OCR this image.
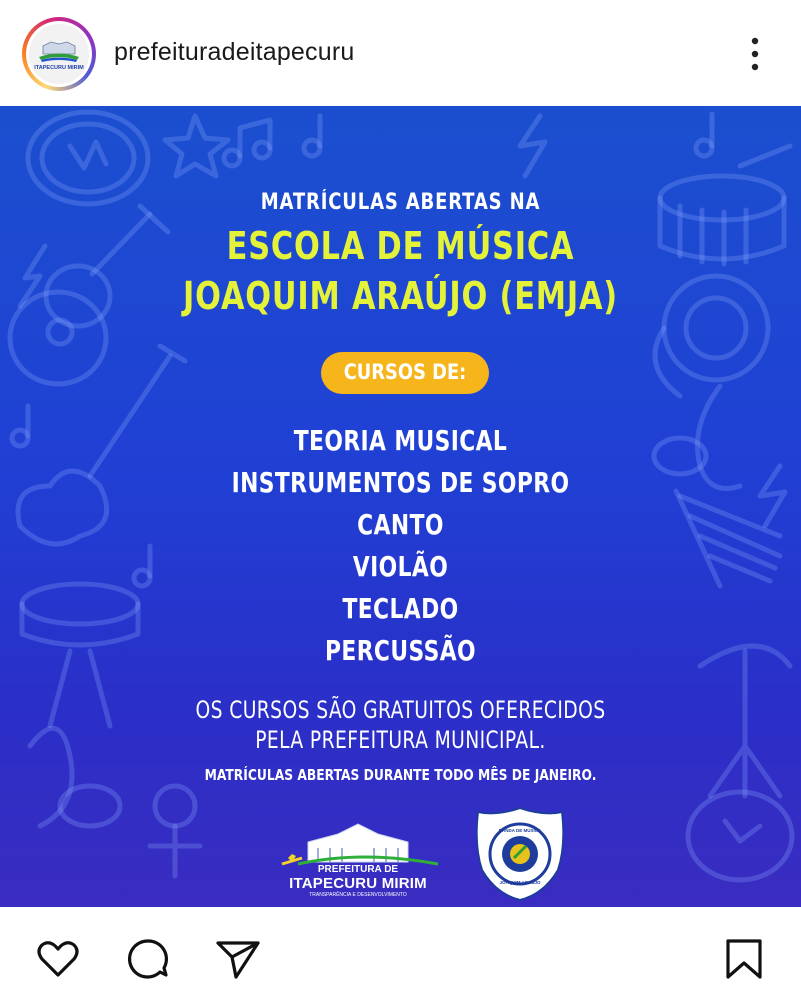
ITAPECURU MIRIM
prefeituradeitapecuru
MATRÍCULAS ABERTAS NA
ESCOLA DE MÚSICA
JOAQUIM ARAÚJO (EMJA)
CURSOS DE:
TEORIA MUSICAL
INSTRUMENTOS DE SOPRO
CANTO
VIOLÃO
TECLADO
PERCUSSÃO
OS CURSOS SÃO GRATUITOS OFERECIDOS
PELA PREFEITURA MUNICIPAL.
MATRÍCULAS ABERTAS DURANTE TODO MÊS DE JANEIRO.
PREFEITURA DE
ITAPECURU MIRIM
TRANSPARÊNCIA E DESENVOLVIMENTO
BANDA DE MÚSICA
JOAQUIM ARAÚJO
